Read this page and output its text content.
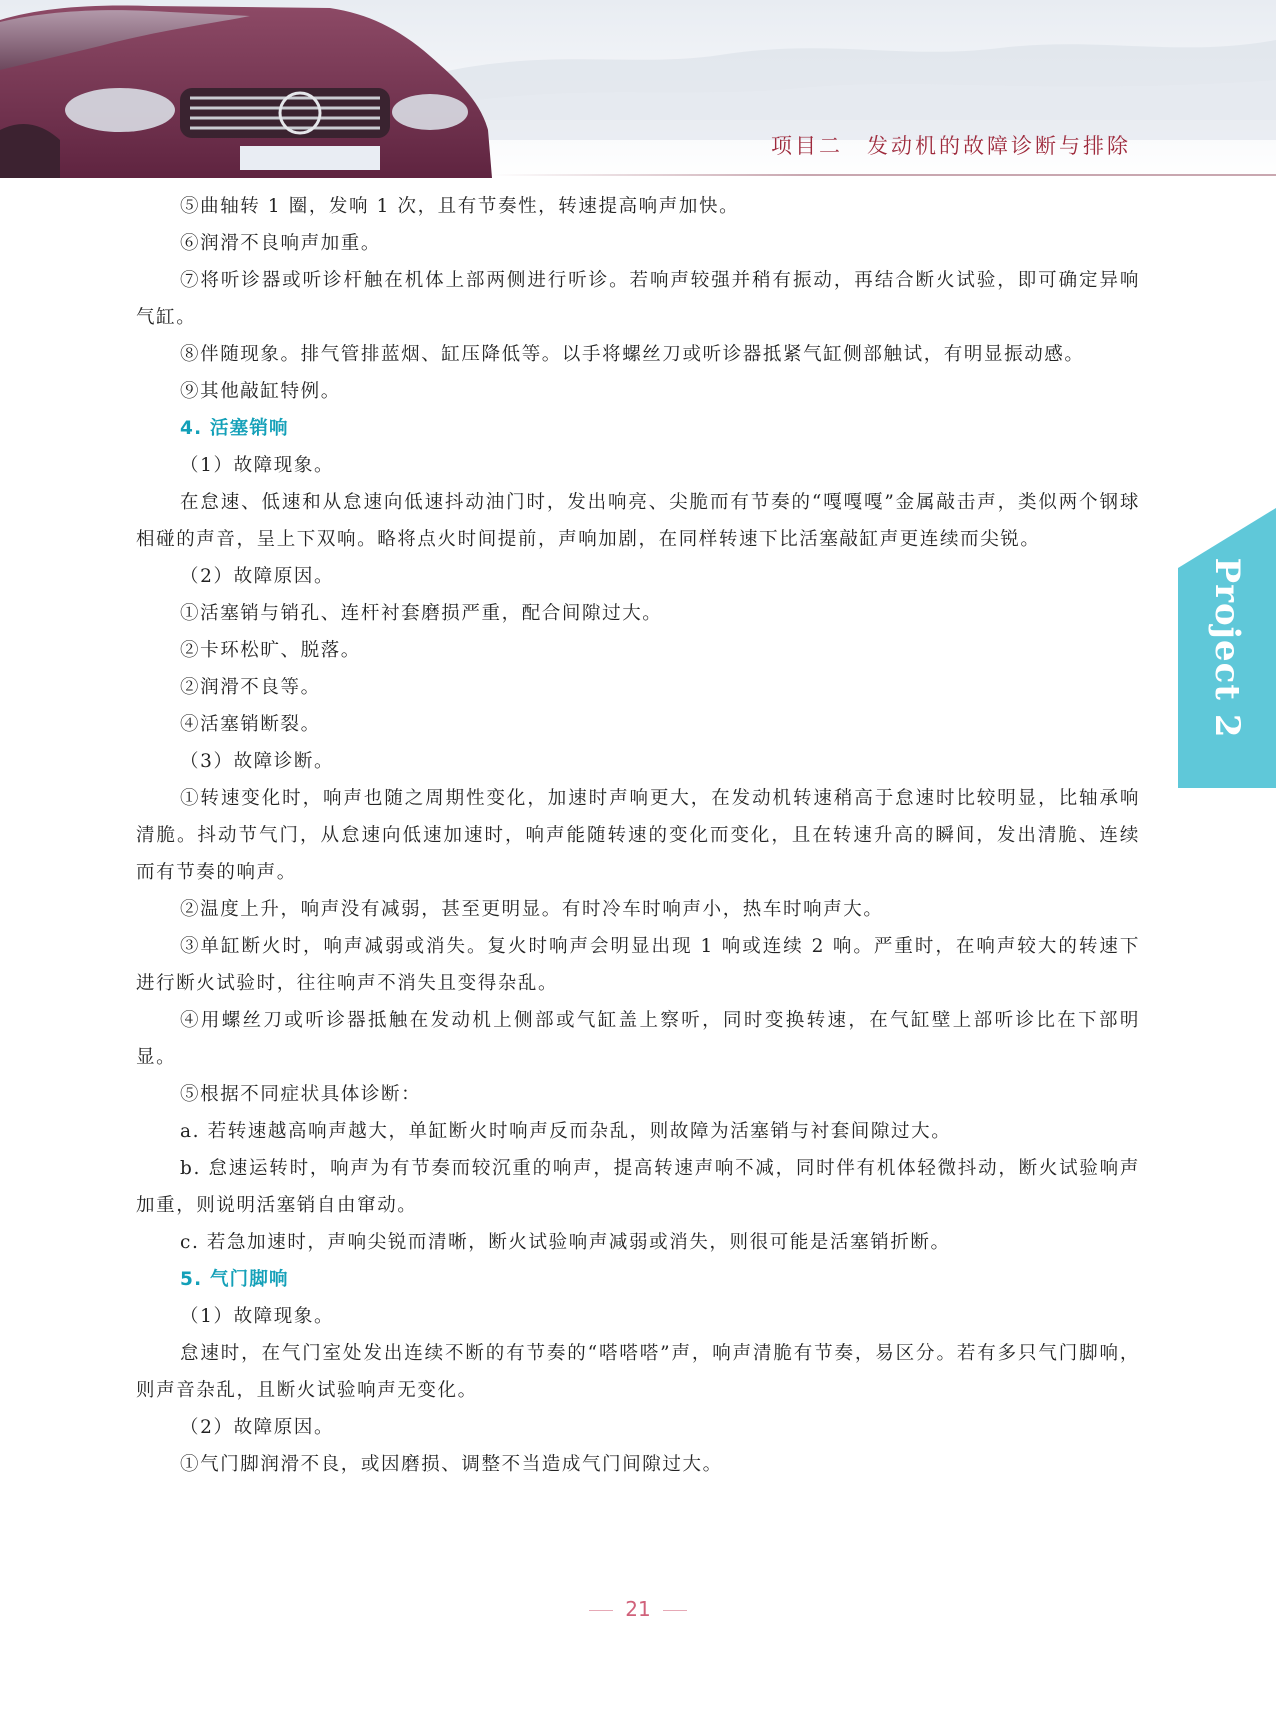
项目二 发动机的故障诊断与排除
Project 2

⑤曲轴转 1 圈，发响 1 次，且有节奏性，转速提高响声加快。

⑥润滑不良响声加重。

⑦将听诊器或听诊杆触在机体上部两侧进行听诊。若响声较强并稍有振动，再结合断火试验，即可确定异响气缸。

⑧伴随现象。排气管排蓝烟、缸压降低等。以手将螺丝刀或听诊器抵紧气缸侧部触试，有明显振动感。

⑨其他敲缸特例。

4. 活塞销响

（1）故障现象。

在怠速、低速和从怠速向低速抖动油门时，发出响亮、尖脆而有节奏的“嘎嘎嘎”金属敲击声，类似两个钢球相碰的声音，呈上下双响。略将点火时间提前，声响加剧，在同样转速下比活塞敲缸声更连续而尖锐。

（2）故障原因。

①活塞销与销孔、连杆衬套磨损严重，配合间隙过大。

②卡环松旷、脱落。

②润滑不良等。

④活塞销断裂。

（3）故障诊断。

①转速变化时，响声也随之周期性变化，加速时声响更大，在发动机转速稍高于怠速时比较明显，比轴承响清脆。抖动节气门，从怠速向低速加速时，响声能随转速的变化而变化，且在转速升高的瞬间，发出清脆、连续而有节奏的响声。

②温度上升，响声没有减弱，甚至更明显。有时冷车时响声小，热车时响声大。

③单缸断火时，响声减弱或消失。复火时响声会明显出现 1 响或连续 2 响。严重时，在响声较大的转速下进行断火试验时，往往响声不消失且变得杂乱。

④用螺丝刀或听诊器抵触在发动机上侧部或气缸盖上察听，同时变换转速，在气缸壁上部听诊比在下部明显。

⑤根据不同症状具体诊断：

a. 若转速越高响声越大，单缸断火时响声反而杂乱，则故障为活塞销与衬套间隙过大。

b. 怠速运转时，响声为有节奏而较沉重的响声，提高转速声响不减，同时伴有机体轻微抖动，断火试验响声加重，则说明活塞销自由窜动。

c. 若急加速时，声响尖锐而清晰，断火试验响声减弱或消失，则很可能是活塞销折断。

5. 气门脚响

（1）故障现象。

怠速时，在气门室处发出连续不断的有节奏的“嗒嗒嗒”声，响声清脆有节奏，易区分。若有多只气门脚响，则声音杂乱，且断火试验响声无变化。

（2）故障原因。

①气门脚润滑不良，或因磨损、调整不当造成气门间隙过大。

21
